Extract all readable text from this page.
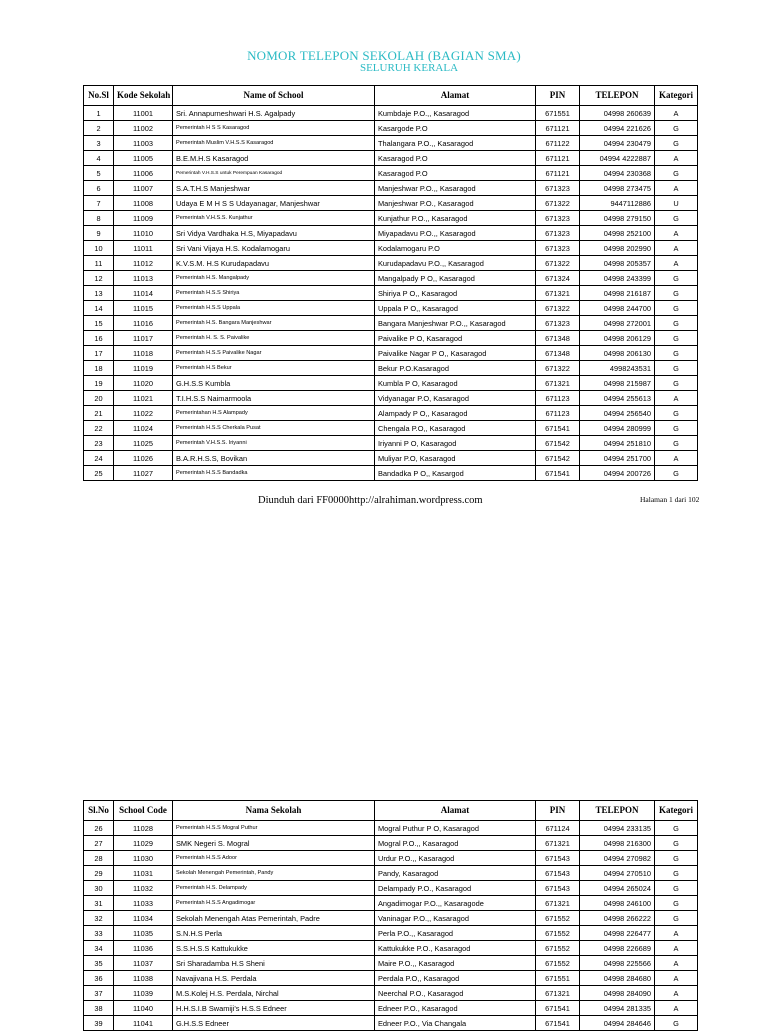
NOMOR TELEPON SEKOLAH (BAGIAN SMA)
SELURUH KERALA
No.Sl	Kode Sekolah	Name of School	Alamat	PIN	TELEPON	Kategori
1	11001	Sri. Annapurneshwari H.S. Agalpady	Kumbdaje P.O.,, Kasaragod	671551	04998 260639	A
2	11002	Pemerintah H S S Kasaragod	Kasargode P.O	671121	04994 221626	G
3	11003	Pemerintah Muslim V.H.S.S Kasaragod	Thalangara P.O.,, Kasaragod	671122	04994 230479	G
4	11005	B.E.M.H.S Kasaragod	Kasaragod P.O	671121	04994 4222887	A
5	11006	Pemerintah V.H.S.S untuk Perempuan Kasaragod	Kasaragod P.O	671121	04994 230368	G
6	11007	S.A.T.H.S Manjeshwar	Manjeshwar P.O.,, Kasaragod	671323	04998 273475	A
7	11008	Udaya E M H S S Udayanagar, Manjeshwar	Manjeshwar P.O., Kasaragod	671322	9447112886	U
8	11009	Pemerintah V.H.S.S. Kunjathur	Kunjathur P.O.,, Kasaragod	671323	04998 279150	G
9	11010	Sri Vidya Vardhaka H.S, Miyapadavu	Miyapadavu P.O.,, Kasaragod	671323	04998 252100	A
10	11011	Sri Vani Vijaya H.S. Kodalamogaru	Kodalamogaru P.O	671323	04998 202990	A
11	11012	K.V.S.M. H.S Kurudapadavu	Kurudapadavu P.O.,, Kasaragod	671322	04998 205357	A
12	11013	Pemerintah H.S. Mangalpady	Mangalpady P O,, Kasaragod	671324	04998 243399	G
13	11014	Pemerintah H.S.S Shiriya	Shiriya P O,, Kasaragod	671321	04998 216187	G
14	11015	Pemerintah H.S.S Uppala	Uppala P O,, Kasaragod	671322	04998 244700	G
15	11016	Pemerintah H.S. Bangara Manjeshwar	Bangara Manjeshwar P.O.,, Kasaragod	671323	04998 272001	G
16	11017	Pemerintah H. S. S. Paivalike	Paivalike P O, Kasaragod	671348	04998 206129	G
17	11018	Pemerintah H.S.S Paivalike Nagar	Paivalike Nagar P O,, Kasaragod	671348	04998 206130	G
18	11019	Pemerintah H.S Bekur	Bekur P.O.Kasaragod	671322	4998243531	G
19	11020	G.H.S.S Kumbla	Kumbla P O, Kasaragod	671321	04998 215987	G
20	11021	T.I.H.S.S Naimarmoola	Vidyanagar P.O, Kasaragod	671123	04994 255613	A
21	11022	Pemerintahan H.S Alampady	Alampady P O,, Kasaragod	671123	04994 256540	G
22	11024	Pemerintah H.S.S Cherkala Pusat	Chengala P.O,, Kasaragod	671541	04994 280999	G
23	11025	Pemerintah V.H.S.S. Iriyanni	Iriyanni P O, Kasaragod	671542	04994 251810	G
24	11026	B.A.R.H.S.S, Bovikan	Muliyar P.O, Kasaragod	671542	04994 251700	A
25	11027	Pemerintah H.S.S Bandadka	Bandadka P O,, Kasargod	671541	04994 200726	G
Diunduh dari FF0000http://alrahiman.wordpress.com	Halaman 1 dari 102
Sl.No	School Code	Nama Sekolah	Alamat	PIN	TELEPON	Kategori
26	11028	Pemerintah H.S.S Mogral Puthur	Mogral Puthur P O, Kasaragod	671124	04994 233135	G
27	11029	SMK Negeri S. Mogral	Mogral P.O.,, Kasaragod	671321	04998 216300	G
28	11030	Pemerintah H.S.S Adoor	Urdur P.O.,, Kasaragod	671543	04994 270982	G
29	11031	Sekolah Menengah Pemerintah, Pandy	Pandy, Kasaragod	671543	04994 270510	G
30	11032	Pemerintah H.S. Delampady	Delampady P.O., Kasaragod	671543	04994 265024	G
31	11033	Pemerintah H.S.S Angadimogar	Angadimogar P.O.,, Kasaragode	671321	04998 246100	G
32	11034	Sekolah Menengah Atas Pemerintah, Padre	Vaninagar P.O.,, Kasaragod	671552	04998 266222	G
33	11035	S.N.H.S Perla	Perla P.O.,, Kasaragod	671552	04998 226477	A
34	11036	S.S.H.S.S Kattukukke	Kattukukke P.O., Kasaragod	671552	04998 226689	A
35	11037	Sri Sharadamba H.S Sheni	Maire P.O.,, Kasaragod	671552	04998 225566	A
36	11038	Navajivana H.S. Perdala	Perdala P.O,, Kasaragod	671551	04998 284680	A
37	11039	M.S.Kolej H.S. Perdala, Nirchal	Neerchal P.O., Kasaragod	671321	04998 284090	A
38	11040	H.H.S.I.B Swamiji's H.S.S Edneer	Edneer P.O., Kasaragod	671541	04994 281335	A
39	11041	G.H.S.S Edneer	Edneer P.O., Via Changala	671541	04994 284646	G
